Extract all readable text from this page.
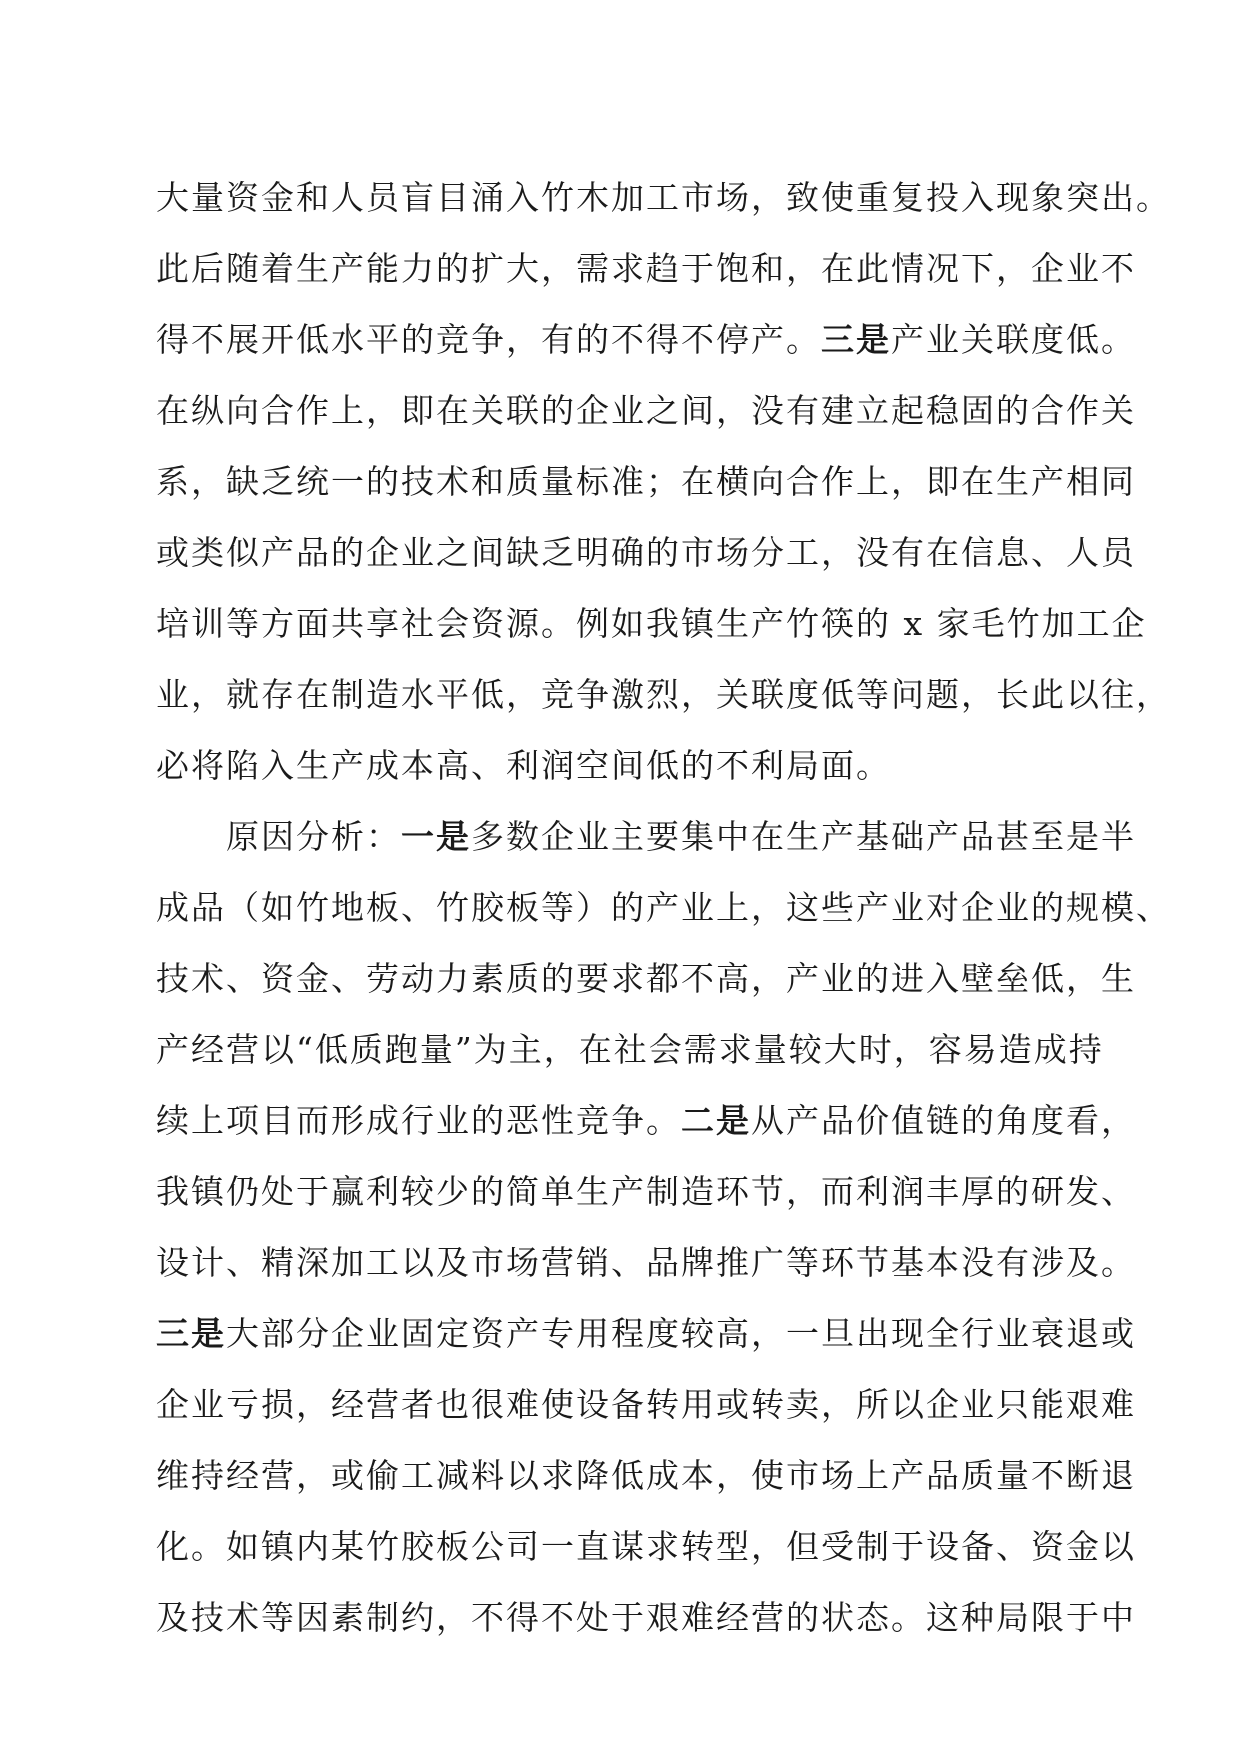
大量资金和人员盲目涌入竹木加工市场，致使重复投入现象突出。
此后随着生产能力的扩大，需求趋于饱和，在此情况下，企业不
得不展开低水平的竞争，有的不得不停产。三是产业关联度低。
在纵向合作上，即在关联的企业之间，没有建立起稳固的合作关
系，缺乏统一的技术和质量标准；在横向合作上，即在生产相同
或类似产品的企业之间缺乏明确的市场分工，没有在信息、人员
培训等方面共享社会资源。例如我镇生产竹筷的 x 家毛竹加工企
业，就存在制造水平低，竞争激烈，关联度低等问题，长此以往，
必将陷入生产成本高、利润空间低的不利局面。
原因分析：一是多数企业主要集中在生产基础产品甚至是半
成品（如竹地板、竹胶板等）的产业上，这些产业对企业的规模、
技术、资金、劳动力素质的要求都不高，产业的进入壁垒低，生
产经营以“低质跑量”为主，在社会需求量较大时，容易造成持
续上项目而形成行业的恶性竞争。二是从产品价值链的角度看，
我镇仍处于赢利较少的简单生产制造环节，而利润丰厚的研发、
设计、精深加工以及市场营销、品牌推广等环节基本没有涉及。
三是大部分企业固定资产专用程度较高，一旦出现全行业衰退或
企业亏损，经营者也很难使设备转用或转卖，所以企业只能艰难
维持经营，或偷工减料以求降低成本，使市场上产品质量不断退
化。如镇内某竹胶板公司一直谋求转型，但受制于设备、资金以
及技术等因素制约，不得不处于艰难经营的状态。这种局限于中
